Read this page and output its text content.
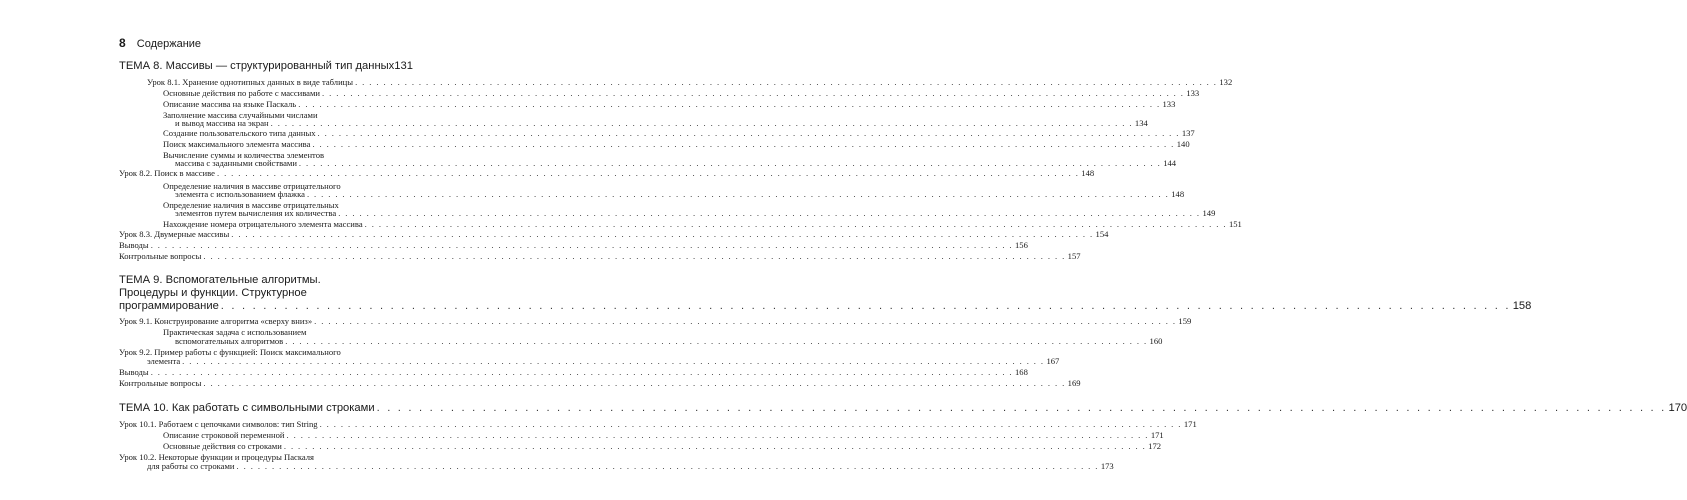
8 Содержание
ТЕМА 8. Массивы — структурированный тип данных 131
Урок 8.1. Хранение однотипных данных в виде таблицы . . .	132
Основные действия по работе с массивами . . .	133
Описание массива на языке Паскаль . . .	133
Заполнение массива случайными числами
и вывод массива на экран . . .	134
Создание пользовательского типа данных . . .	137
Поиск максимального элемента массива . . .	140
Вычисление суммы и количества элементов
массива с заданными свойствами . . .	144
Урок 8.2. Поиск в массиве . . .	148
Определение наличия в массиве отрицательного
элемента с использованием флажка . . .	148
Определение наличия в массиве отрицательных
элементов путем вычисления их количества . . .	149
Нахождение номера отрицательного элемента массива . . .	151
Урок 8.3. Двумерные массивы . . .	154
Выводы . . .	156
Контрольные вопросы . . .	157
ТЕМА 9. Вспомогательные алгоритмы.
Процедуры и функции. Структурное
программирование . . .	158
Урок 9.1. Конструирование алгоритма «сверху вниз» . . .	159
Практическая задача с использованием
вспомогательных алгоритмов . . .	160
Урок 9.2. Пример работы с функцией: Поиск максимального
элемента . . .	167
Выводы . . .	168
Контрольные вопросы . . .	169
ТЕМА 10. Как работать с символьными строками . . .	170
Урок 10.1. Работаем с цепочками символов: тип String . . .	171
Описание строковой переменной . . .	171
Основные действия со строками . . .	172
Урок 10.2. Некоторые функции и процедуры Паскаля
для работы со строками . . .	173
